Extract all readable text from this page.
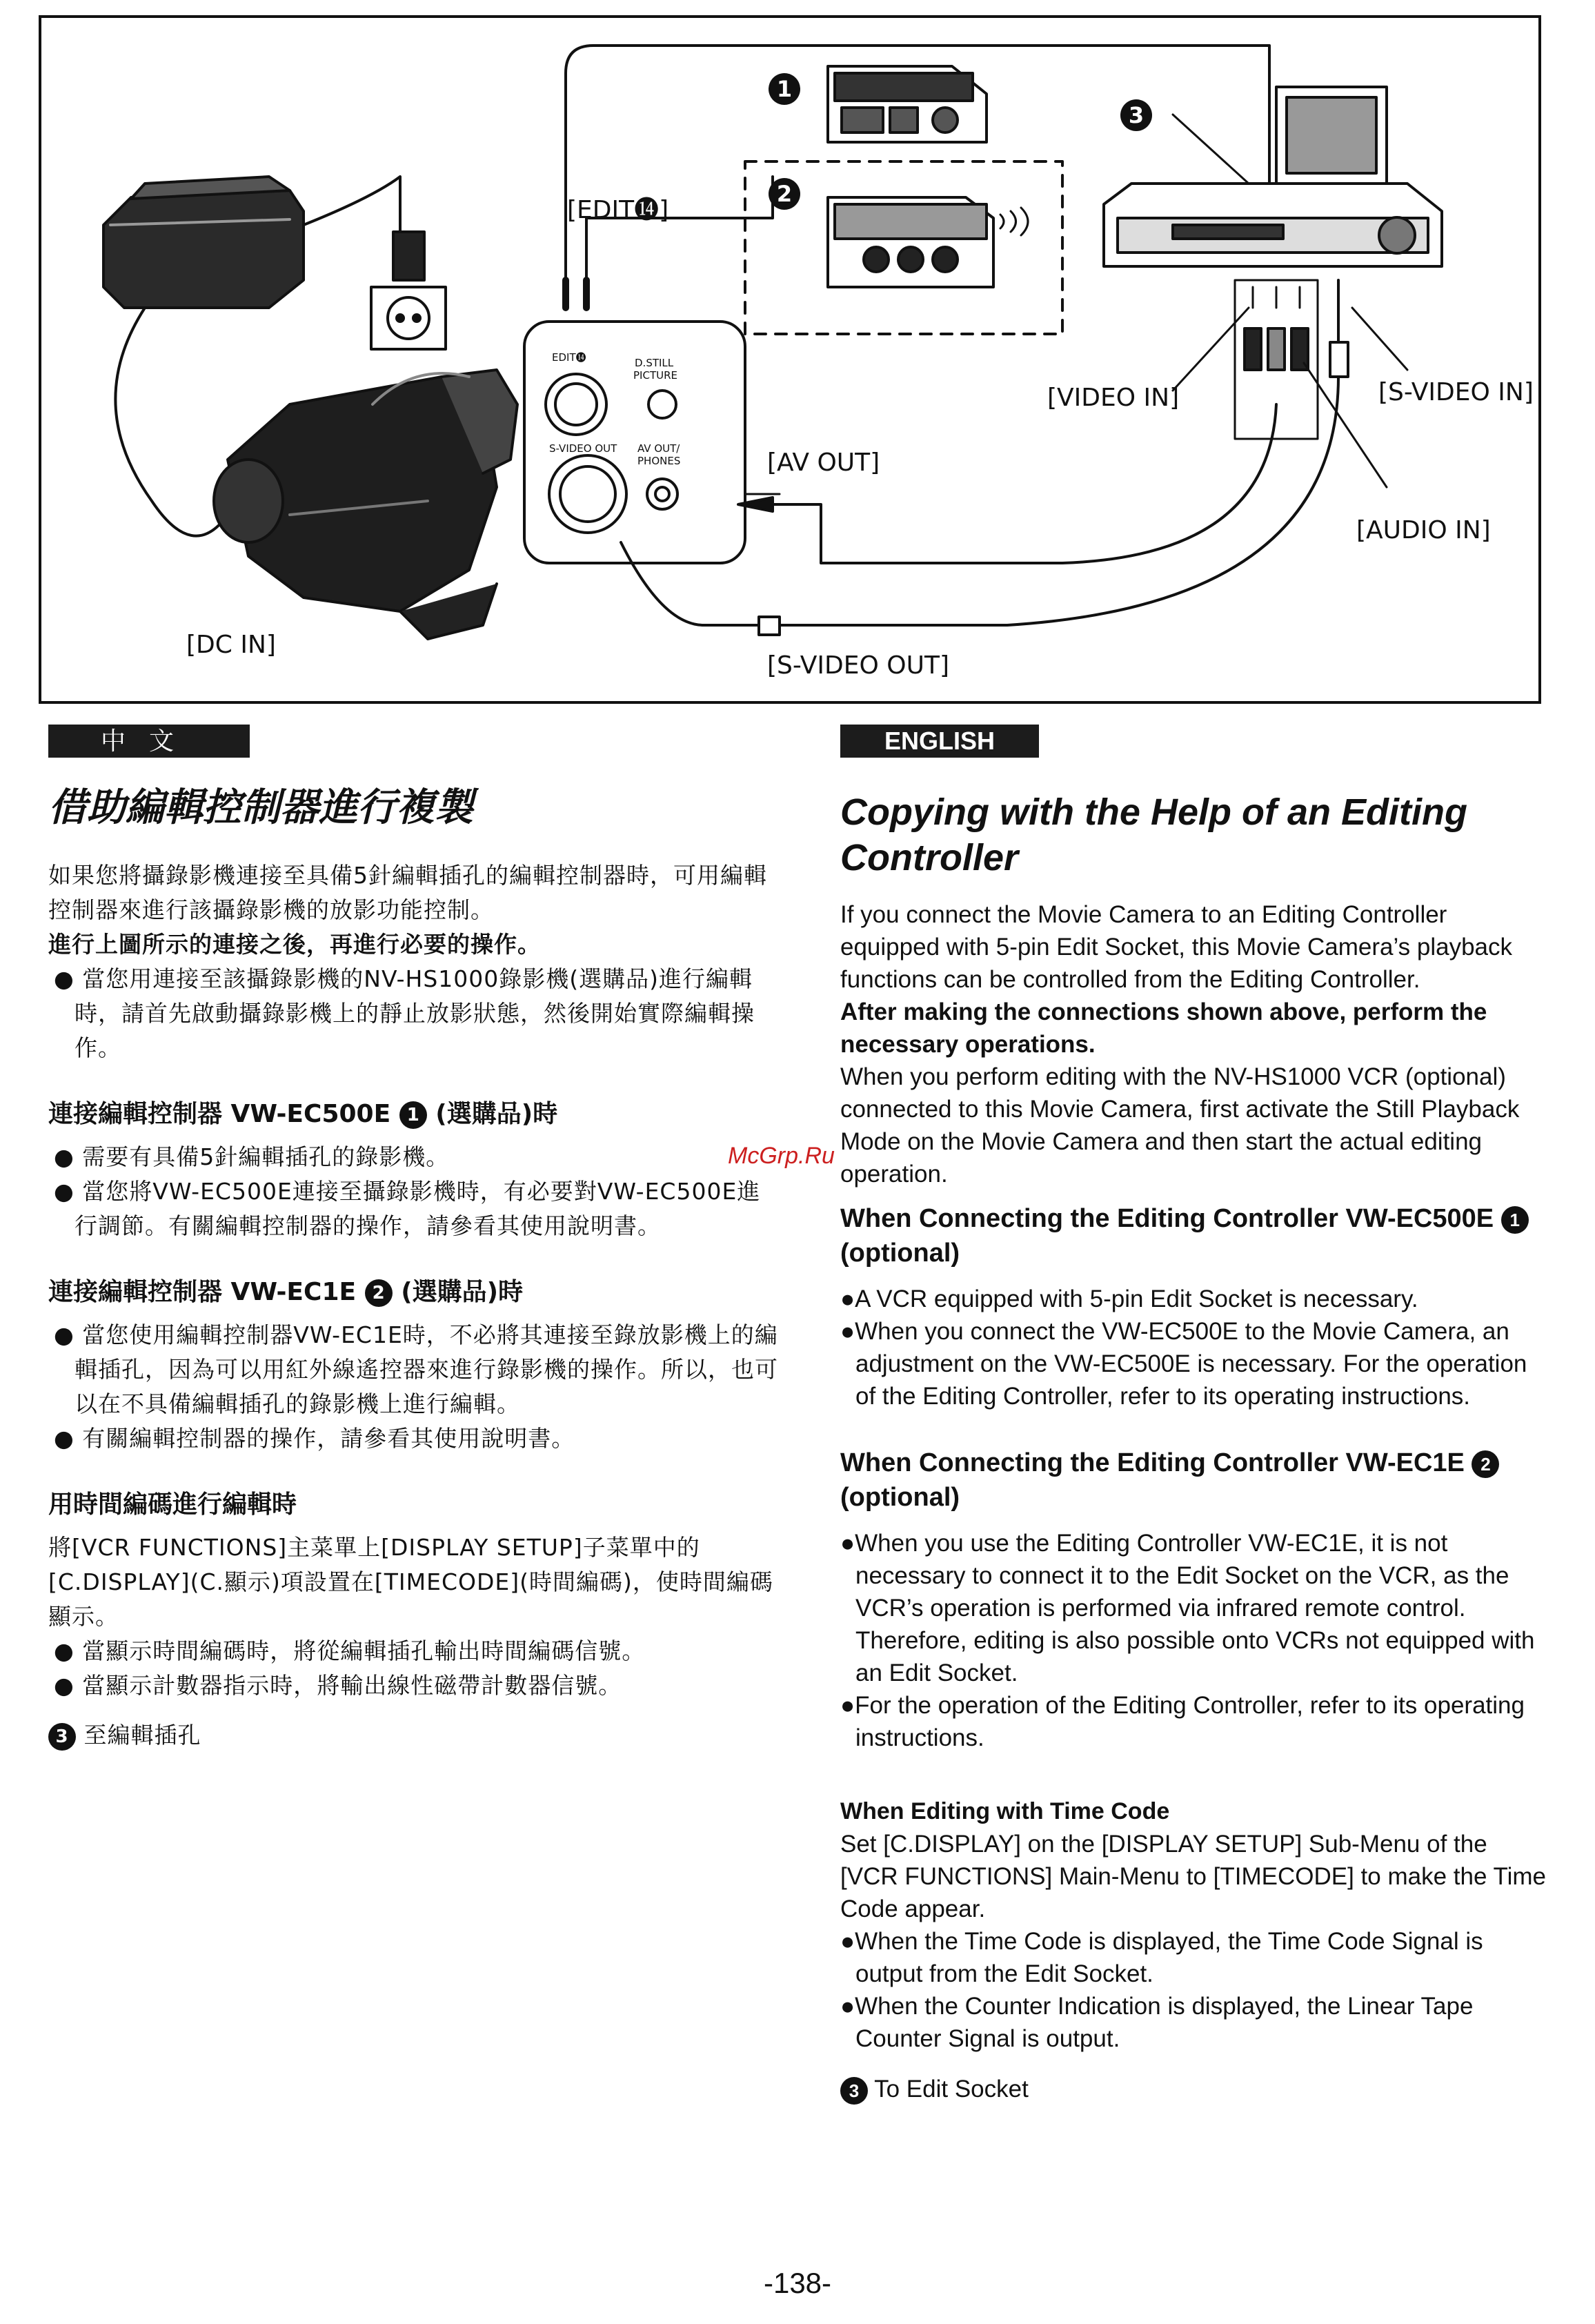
1
2
3
[EDIT⓮]
[VIDEO IN]	[S-VIDEO IN]
[AV OUT]
[AUDIO IN]
[DC IN]
[S-VIDEO OUT]
EDIT⓮	D.STILL
PICTURE
S-VIDEO OUT AV OUT/
PHONES
中文
借助編輯控制器進行複製

如果您將攝錄影機連接至具備5針編輯插孔的編輯控制器時，可用編輯控制器來進行該攝錄影機的放影功能控制。

進行上圖所示的連接之後，再進行必要的操作。

● 當您用連接至該攝錄影機的NV-HS1000錄影機(選購品)進行編輯時，請首先啟動攝錄影機上的靜止放影狀態，然後開始實際編輯操作。
連接編輯控制器 VW-EC500E 1 (選購品)時
● 需要有具備5針編輯插孔的錄影機。
● 當您將VW-EC500E連接至攝錄影機時，有必要對VW-EC500E進行調節。有關編輯控制器的操作，請參看其使用說明書。
連接編輯控制器 VW-EC1E 2 (選購品)時
● 當您使用編輯控制器VW-EC1E時，不必將其連接至錄放影機上的編輯插孔，因為可以用紅外線遙控器來進行錄影機的操作。所以，也可以在不具備編輯插孔的錄影機上進行編輯。
● 有關編輯控制器的操作，請參看其使用說明書。
用時間編碼進行編輯時

將[VCR FUNCTIONS]主菜單上[DISPLAY SETUP]子菜單中的[C.DISPLAY](C.顯示)項設置在[TIMECODE](時間編碼)，使時間編碼顯示。

● 當顯示時間編碼時，將從編輯插孔輸出時間編碼信號。
● 當顯示計數器指示時，將輸出線性磁帶計數器信號。

3 至編輯插孔

ENGLISH
Copying with the Help of an Editing Controller

If you connect the Movie Camera to an Editing Controller equipped with 5-pin Edit Socket, this Movie Camera’s playback functions can be controlled from the Editing Controller.

After making the connections shown above, perform the necessary operations.

When you perform editing with the NV-HS1000 VCR (optional) connected to this Movie Camera, first activate the Still Playback Mode on the Movie Camera and then start the actual editing operation.

When Connecting the Editing Controller VW-EC500E 1 (optional)
●A VCR equipped with 5-pin Edit Socket is necessary.
●When you connect the VW-EC500E to the Movie Camera, an adjustment on the VW-EC500E is necessary. For the operation of the Editing Controller, refer to its operating instructions.
When Connecting the Editing Controller VW-EC1E 2 (optional)
●When you use the Editing Controller VW-EC1E, it is not necessary to connect it to the Edit Socket on the VCR, as the VCR’s operation is performed via infrared remote control. Therefore, editing is also possible onto VCRs not equipped with an Edit Socket.
●For the operation of the Editing Controller, refer to its operating instructions.
When Editing with Time Code

Set [C.DISPLAY] on the [DISPLAY SETUP] Sub-Menu of the [VCR FUNCTIONS] Main-Menu to [TIMECODE] to make the Time Code appear.

●When the Time Code is displayed, the Time Code Signal is output from the Edit Socket.
●When the Counter Indication is displayed, the Linear Tape Counter Signal is output.

3 To Edit Socket

McGrp.Ru
-138-
